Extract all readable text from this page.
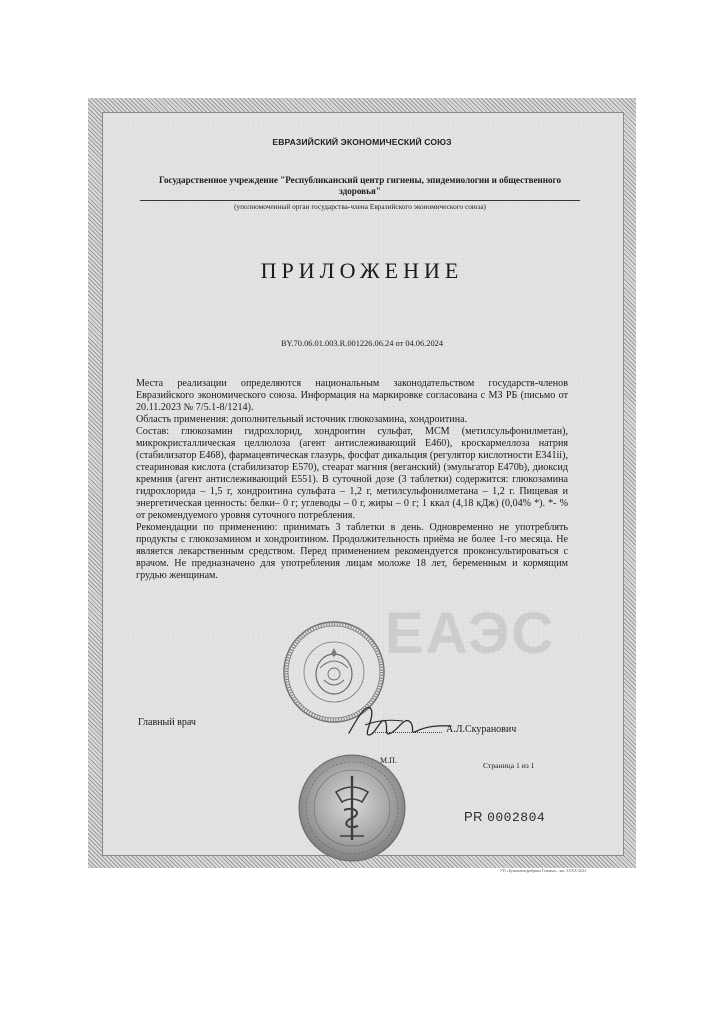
ЕВРАЗИЙСКИЙ ЭКОНОМИЧЕСКИЙ СОЮЗ
Государственное учреждение "Республиканский центр гигиены, эпидемиологии и общественного здоровья"
(уполномоченный орган государства-члена Евразийского экономического союза)
ПРИЛОЖЕНИЕ
BY.70.06.01.003.R.001226.06.24 от 04.06.2024
ЕАЭС

Места реализации определяются национальным законодательством государств-членов Евразийского экономического союза. Информация на маркировке согласована с МЗ РБ (письмо от 20.11.2023 № 7/5.1-8/1214).

Область применения: дополнительный источник глюкозамина, хондроитина.

Состав: глюкозамин гидрохлорид, хондроитин сульфат, МСМ (метилсульфонилметан), микрокристаллическая целлюлоза (агент антислеживающий Е460), кроскармеллоза натрия (стабилизатор Е468), фармацевтическая глазурь, фосфат дикальция (регулятор кислотности Е341ii), стеариновая кислота (стабилизатор Е570), стеарат магния (веганский) (эмульгатор Е470b), диоксид кремния (агент антислеживающий Е551). В суточной дозе (3 таблетки) содержится: глюкозамина гидрохлорида – 1,5 г, хондроитина сульфата – 1,2 г, метилсульфонилметана – 1,2 г. Пищевая и энергетическая ценность: белки– 0 г; углеводы – 0 г, жиры – 0 г; 1 ккал (4,18 кДж) (0,04% *). *- % от рекомендуемого уровня суточного потребления.

Рекомендации по применению: принимать 3 таблетки в день. Одновременно не употреблять продукты с глюкозамином и хондроитином. Продолжительность приёма не более 1-го месяца. Не является лекарственным средством. Перед применением рекомендуется проконсультироваться с врачом. Не предназначено для употребления лицам моложе 18 лет, беременным и кормящим грудью женщинам.

Главный врач
А.Л.Скуранович
М.П.
Страница 1 из 1
PR 0002804
УП «Бумажная фабрика Гознака», зак. 3XXX-2023
